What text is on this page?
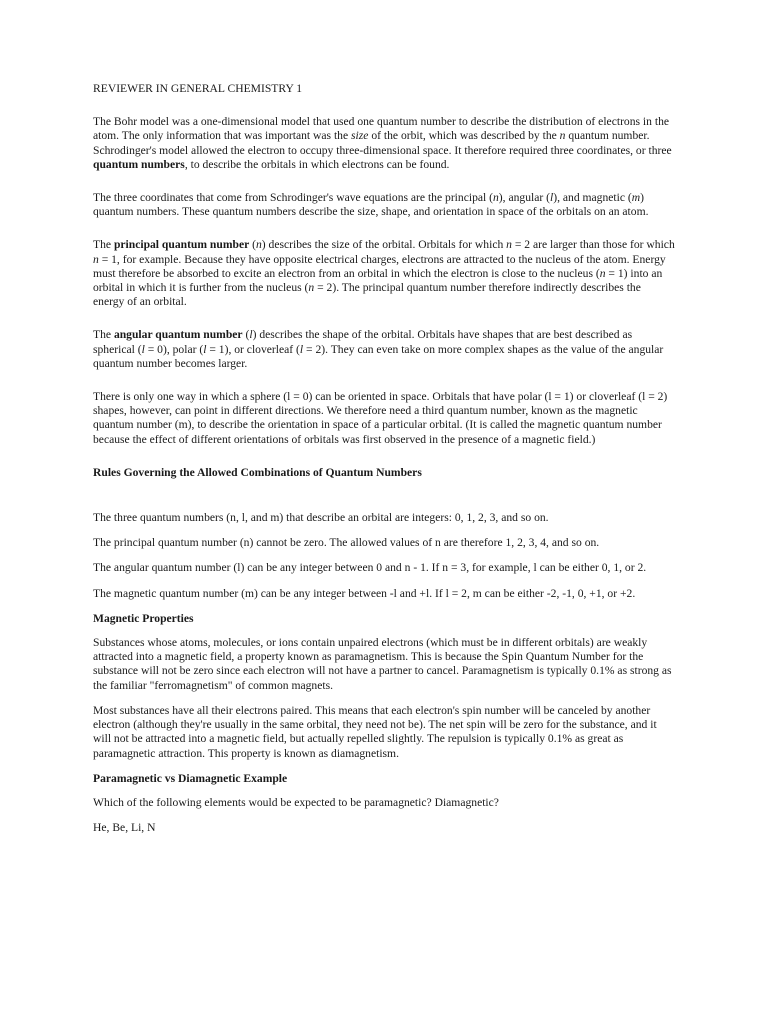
REVIEWER IN GENERAL CHEMISTRY 1

The Bohr model was a one-dimensional model that used one quantum number to describe the distribution of electrons in the atom. The only information that was important was the size of the orbit, which was described by the n quantum number. Schrodinger's model allowed the electron to occupy three-dimensional space. It therefore required three coordinates, or three quantum numbers, to describe the orbitals in which electrons can be found.

The three coordinates that come from Schrodinger's wave equations are the principal (n), angular (l), and magnetic (m) quantum numbers. These quantum numbers describe the size, shape, and orientation in space of the orbitals on an atom.

The principal quantum number (n) describes the size of the orbital. Orbitals for which n = 2 are larger than those for which n = 1, for example. Because they have opposite electrical charges, electrons are attracted to the nucleus of the atom. Energy must therefore be absorbed to excite an electron from an orbital in which the electron is close to the nucleus (n = 1) into an orbital in which it is further from the nucleus (n = 2). The principal quantum number therefore indirectly describes the energy of an orbital.

The angular quantum number (l) describes the shape of the orbital. Orbitals have shapes that are best described as spherical (l = 0), polar (l = 1), or cloverleaf (l = 2). They can even take on more complex shapes as the value of the angular quantum number becomes larger.

There is only one way in which a sphere (l = 0) can be oriented in space. Orbitals that have polar (l = 1) or cloverleaf (l = 2) shapes, however, can point in different directions. We therefore need a third quantum number, known as the magnetic quantum number (m), to describe the orientation in space of a particular orbital. (It is called the magnetic quantum number because the effect of different orientations of orbitals was first observed in the presence of a magnetic field.)

Rules Governing the Allowed Combinations of Quantum Numbers

The three quantum numbers (n, l, and m) that describe an orbital are integers: 0, 1, 2, 3, and so on.

The principal quantum number (n) cannot be zero. The allowed values of n are therefore 1, 2, 3, 4, and so on.

The angular quantum number (l) can be any integer between 0 and n - 1. If n = 3, for example, l can be either 0, 1, or 2.

The magnetic quantum number (m) can be any integer between -l and +l. If l = 2, m can be either -2, -1, 0, +1, or +2.

Magnetic Properties

Substances whose atoms, molecules, or ions contain unpaired electrons (which must be in different orbitals) are weakly attracted into a magnetic field, a property known as paramagnetism. This is because the Spin Quantum Number for the substance will not be zero since each electron will not have a partner to cancel. Paramagnetism is typically 0.1% as strong as the familiar "ferromagnetism" of common magnets.

Most substances have all their electrons paired. This means that each electron's spin number will be canceled by another electron (although they're usually in the same orbital, they need not be). The net spin will be zero for the substance, and it will not be attracted into a magnetic field, but actually repelled slightly. The repulsion is typically 0.1% as great as paramagnetic attraction. This property is known as diamagnetism.

Paramagnetic vs Diamagnetic Example

Which of the following elements would be expected to be paramagnetic? Diamagnetic?

He, Be, Li, N
